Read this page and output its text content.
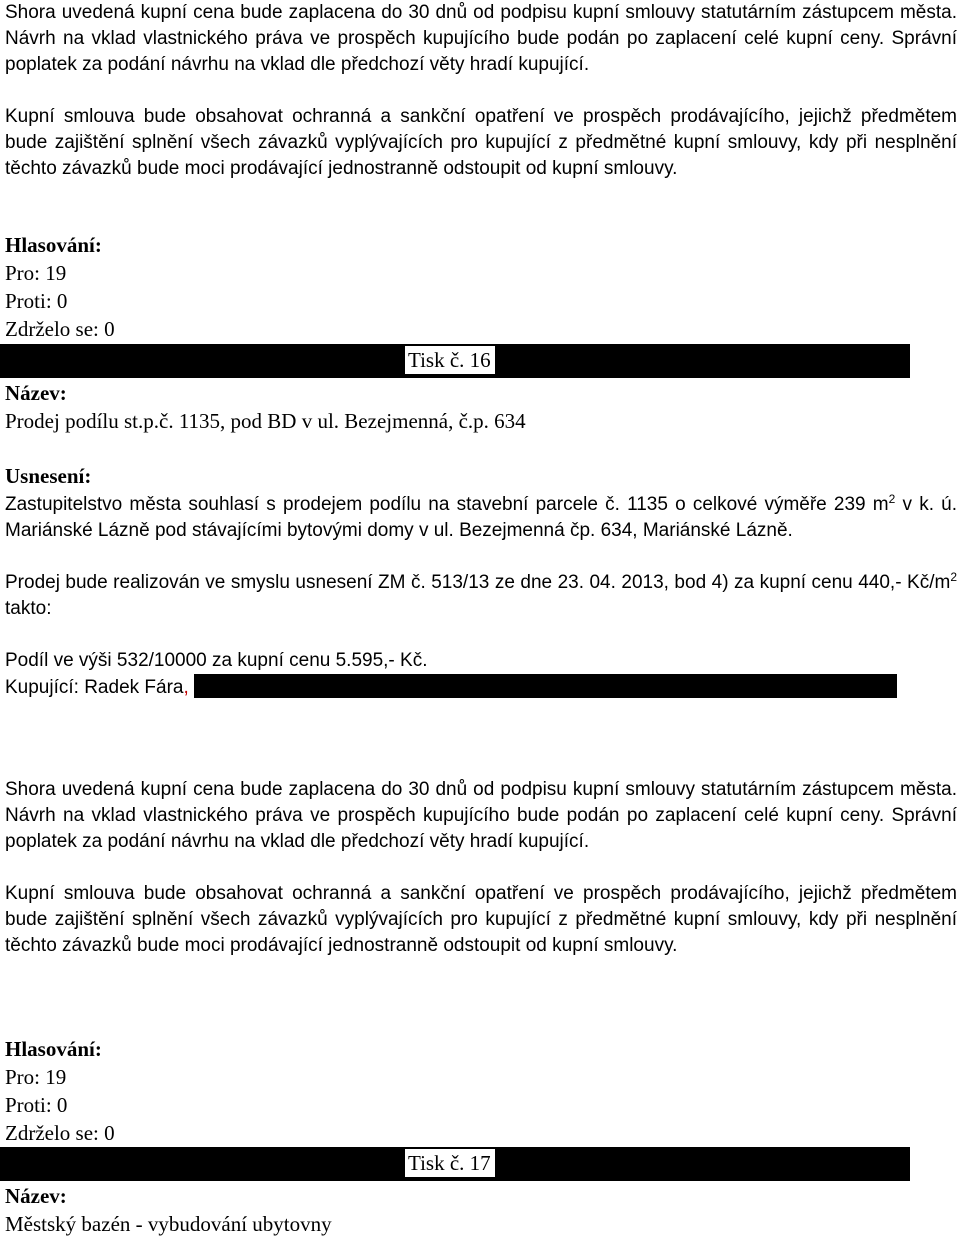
Shora uvedená kupní cena bude zaplacena do 30 dnů od podpisu kupní smlouvy statutárním zástupcem města. Návrh na vklad vlastnického práva ve prospěch kupujícího bude podán po zaplacení celé kupní ceny. Správní poplatek za podání návrhu na vklad dle předchozí věty hradí kupující.

Kupní smlouva bude obsahovat ochranná a sankční opatření ve prospěch prodávajícího, jejichž předmětem bude zajištění splnění všech závazků vyplývajících pro kupující z předmětné kupní smlouvy, kdy při nesplnění těchto závazků bude moci prodávající jednostranně odstoupit od kupní smlouvy.

Hlasování:
Pro: 19
Proti: 0
Zdrželo se: 0
Tisk č. 16
Název:
Prodej podílu st.p.č. 1135, pod BD v ul. Bezejmenná, č.p. 634
Usnesení:

Zastupitelstvo města souhlasí s prodejem podílu na stavební parcele č. 1135 o celkové výměře 239 $m^2$ v k. ú. Mariánské Lázně pod stávajícími bytovými domy v ul. Bezejmenná čp. 634, Mariánské Lázně.

Prodej bude realizován ve smyslu usnesení ZM č. 513/13 ze dne 23. 04. 2013, bod 4) za kupní cenu 440,- $Kč/m^2$ takto:

Podíl ve výši 532/10000 za kupní cenu 5.595,- Kč.

Kupující: Radek Fára,

Shora uvedená kupní cena bude zaplacena do 30 dnů od podpisu kupní smlouvy statutárním zástupcem města. Návrh na vklad vlastnického práva ve prospěch kupujícího bude podán po zaplacení celé kupní ceny. Správní poplatek za podání návrhu na vklad dle předchozí věty hradí kupující.

Kupní smlouva bude obsahovat ochranná a sankční opatření ve prospěch prodávajícího, jejichž předmětem bude zajištění splnění všech závazků vyplývajících pro kupující z předmětné kupní smlouvy, kdy při nesplnění těchto závazků bude moci prodávající jednostranně odstoupit od kupní smlouvy.

Hlasování:
Pro: 19
Proti: 0
Zdrželo se: 0
Tisk č. 17
Název:
Městský bazén - vybudování ubytovny
